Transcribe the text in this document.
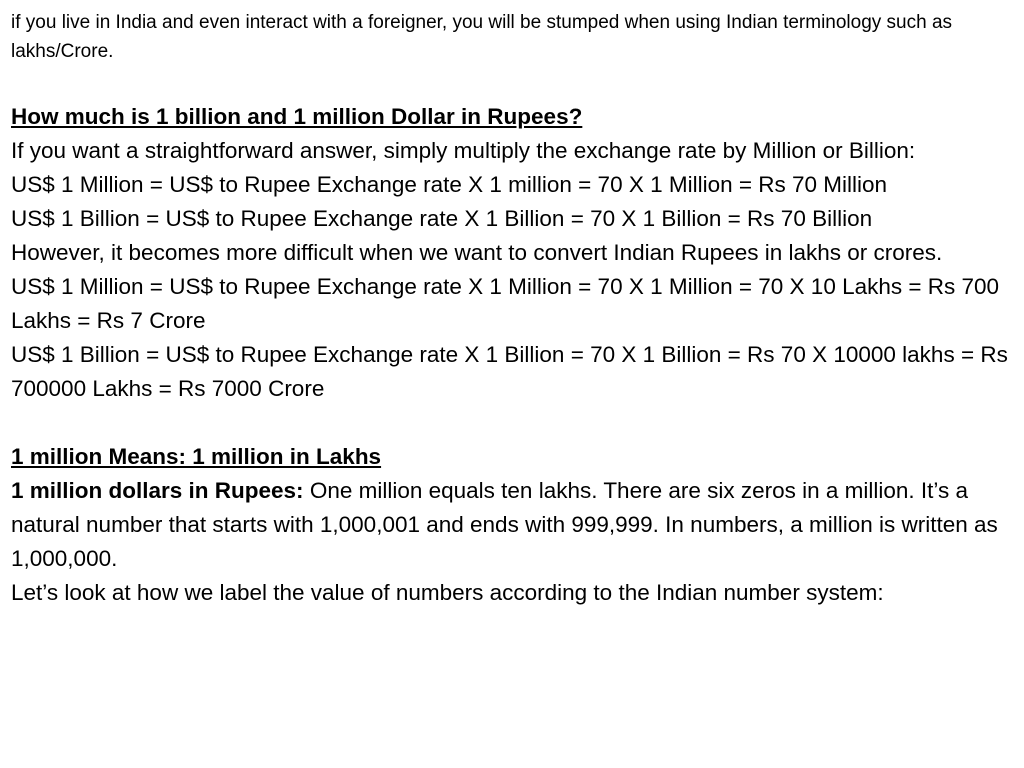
if you live in India and even interact with a foreigner, you will be stumped when using Indian terminology such as lakhs/Crore.

How much is 1 billion and 1 million Dollar in Rupees?

If you want a straightforward answer, simply multiply the exchange rate by Million or Billion:

US$ 1 Million = US$ to Rupee Exchange rate X 1 million = 70 X 1 Million = Rs 70 Million

US$ 1 Billion = US$ to Rupee Exchange rate X 1 Billion = 70 X 1 Billion = Rs 70 Billion

However, it becomes more difficult when we want to convert Indian Rupees in lakhs or crores.

US$ 1 Million = US$ to Rupee Exchange rate X 1 Million = 70 X 1 Million = 70 X 10 Lakhs = Rs 700 Lakhs = Rs 7 Crore

US$ 1 Billion = US$ to Rupee Exchange rate X 1 Billion = 70 X 1 Billion = Rs 70 X 10000 lakhs = Rs 700000 Lakhs = Rs 7000 Crore

1 million Means: 1 million in Lakhs

1 million dollars in Rupees: One million equals ten lakhs. There are six zeros in a million. It’s a natural number that starts with 1,000,001 and ends with 999,999. In numbers, a million is written as 1,000,000.

Let’s look at how we label the value of numbers according to the Indian number system:
